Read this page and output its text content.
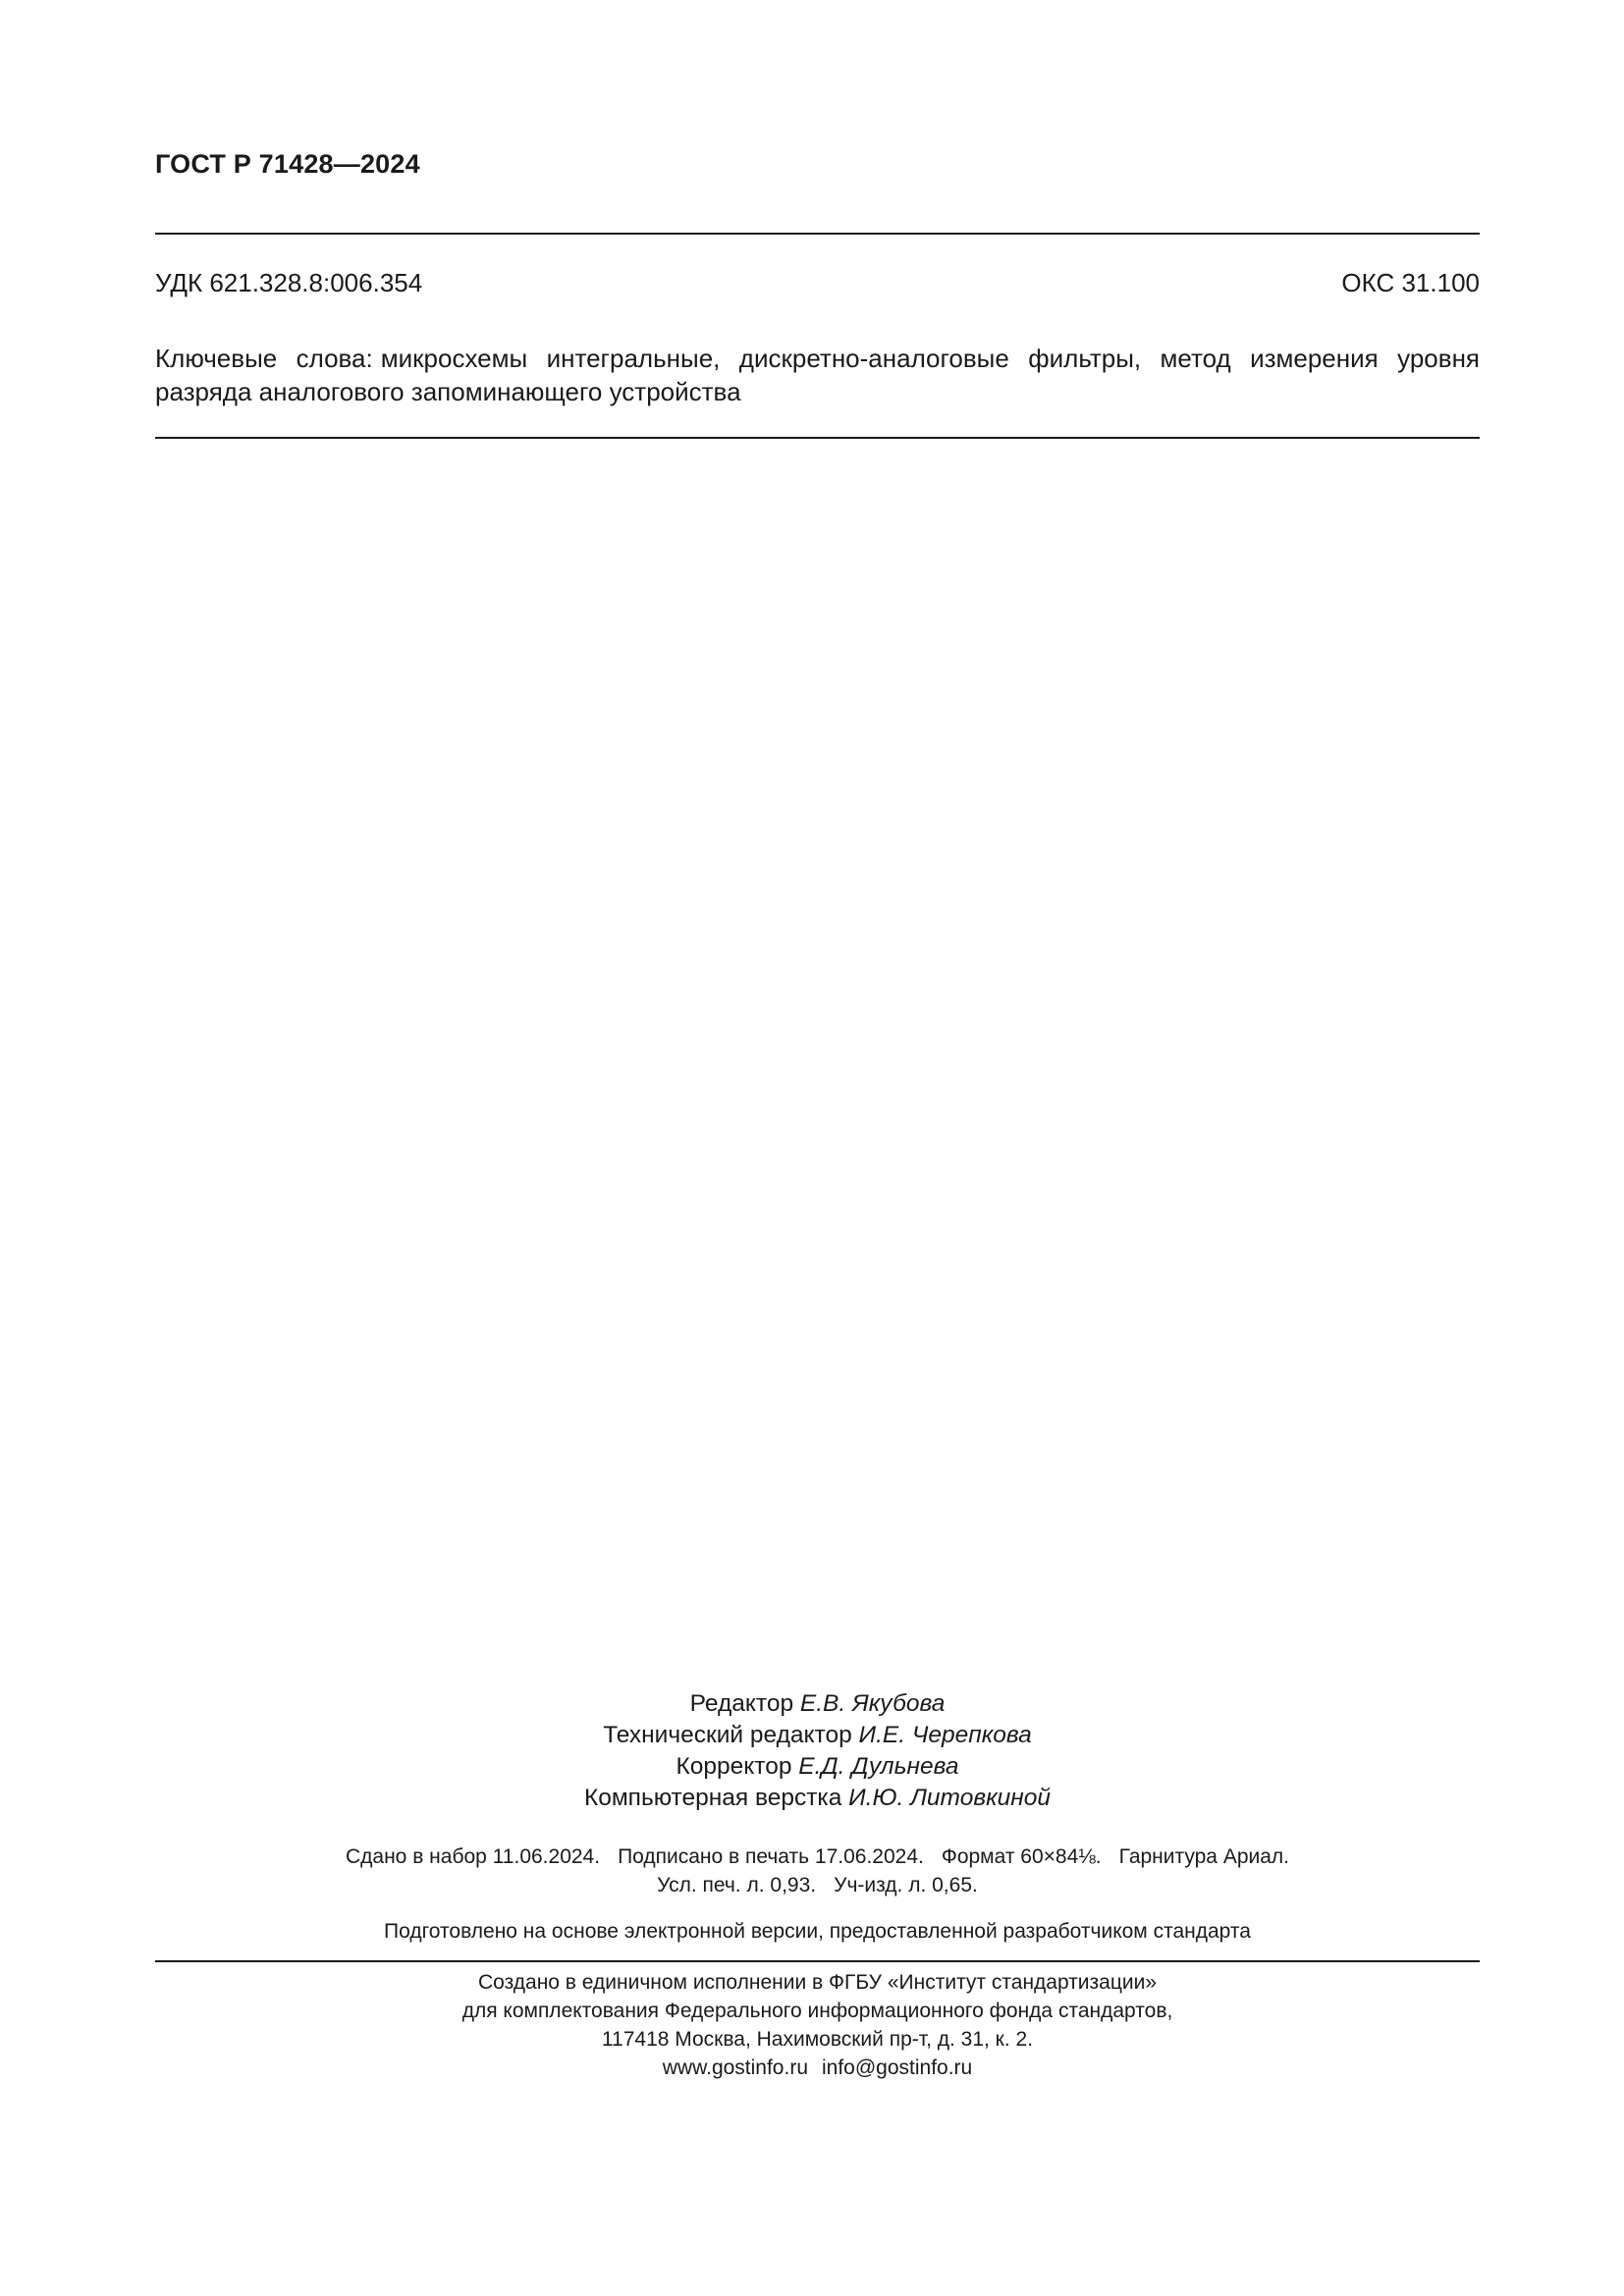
ГОСТ Р 71428—2024
УДК 621.328.8:006.354	ОКС 31.100
Ключевые слова: микросхемы интегральные, дискретно-аналоговые фильтры, метод измерения уровня разряда аналогового запоминающего устройства
Редактор Е.В. Якубова
Технический редактор И.Е. Черепкова
Корректор Е.Д. Дульнева
Компьютерная верстка И.Ю. Литовкиной
Сдано в набор 11.06.2024. Подписано в печать 17.06.2024. Формат 60×84⅛. Гарнитура Ариал.
Усл. печ. л. 0,93. Уч-изд. л. 0,65.
Подготовлено на основе электронной версии, предоставленной разработчиком стандарта
Создано в единичном исполнении в ФГБУ «Институт стандартизации»
для комплектования Федерального информационного фонда стандартов,
117418 Москва, Нахимовский пр-т, д. 31, к. 2.
www.gostinfo.ru info@gostinfo.ru
